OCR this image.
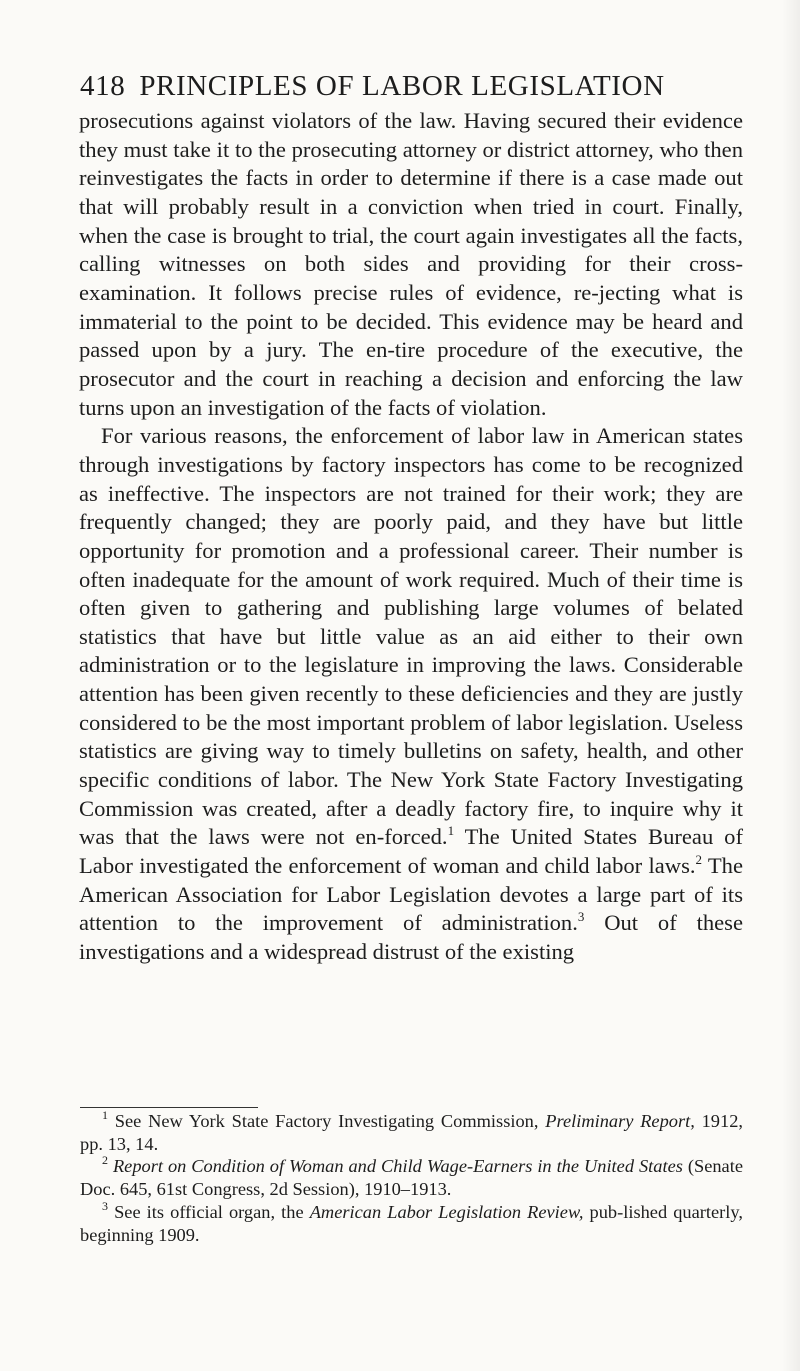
418 PRINCIPLES OF LABOR LEGISLATION

prosecutions against violators of the law. Having secured their evidence they must take it to the prosecuting attorney or district attorney, who then reinvestigates the facts in order to determine if there is a case made out that will probably result in a conviction when tried in court. Finally, when the case is brought to trial, the court again investigates all the facts, calling witnesses on both sides and providing for their cross-examination. It follows precise rules of evidence, re-jecting what is immaterial to the point to be decided. This evidence may be heard and passed upon by a jury. The en-tire procedure of the executive, the prosecutor and the court in reaching a decision and enforcing the law turns upon an investigation of the facts of violation.

For various reasons, the enforcement of labor law in American states through investigations by factory inspectors has come to be recognized as ineffective. The inspectors are not trained for their work; they are frequently changed; they are poorly paid, and they have but little opportunity for promotion and a professional career. Their number is often inadequate for the amount of work required. Much of their time is often given to gathering and publishing large volumes of belated statistics that have but little value as an aid either to their own administration or to the legislature in improving the laws. Considerable attention has been given recently to these deficiencies and they are justly considered to be the most important problem of labor legislation. Useless statistics are giving way to timely bulletins on safety, health, and other specific conditions of labor. The New York State Factory Investigating Commission was created, after a deadly factory fire, to inquire why it was that the laws were not en-forced.$^1$ The United States Bureau of Labor investigated the enforcement of woman and child labor laws.$^2$ The American Association for Labor Legislation devotes a large part of its attention to the improvement of administration.$^3$ Out of these investigations and a widespread distrust of the existing

$^1$ See New York State Factory Investigating Commission, Preliminary Report, 1912, pp. 13, 14.

$^2$ Report on Condition of Woman and Child Wage-Earners in the United States (Senate Doc. 645, 61st Congress, 2d Session), 1910–1913.

$^3$ See its official organ, the American Labor Legislation Review, pub-lished quarterly, beginning 1909.
